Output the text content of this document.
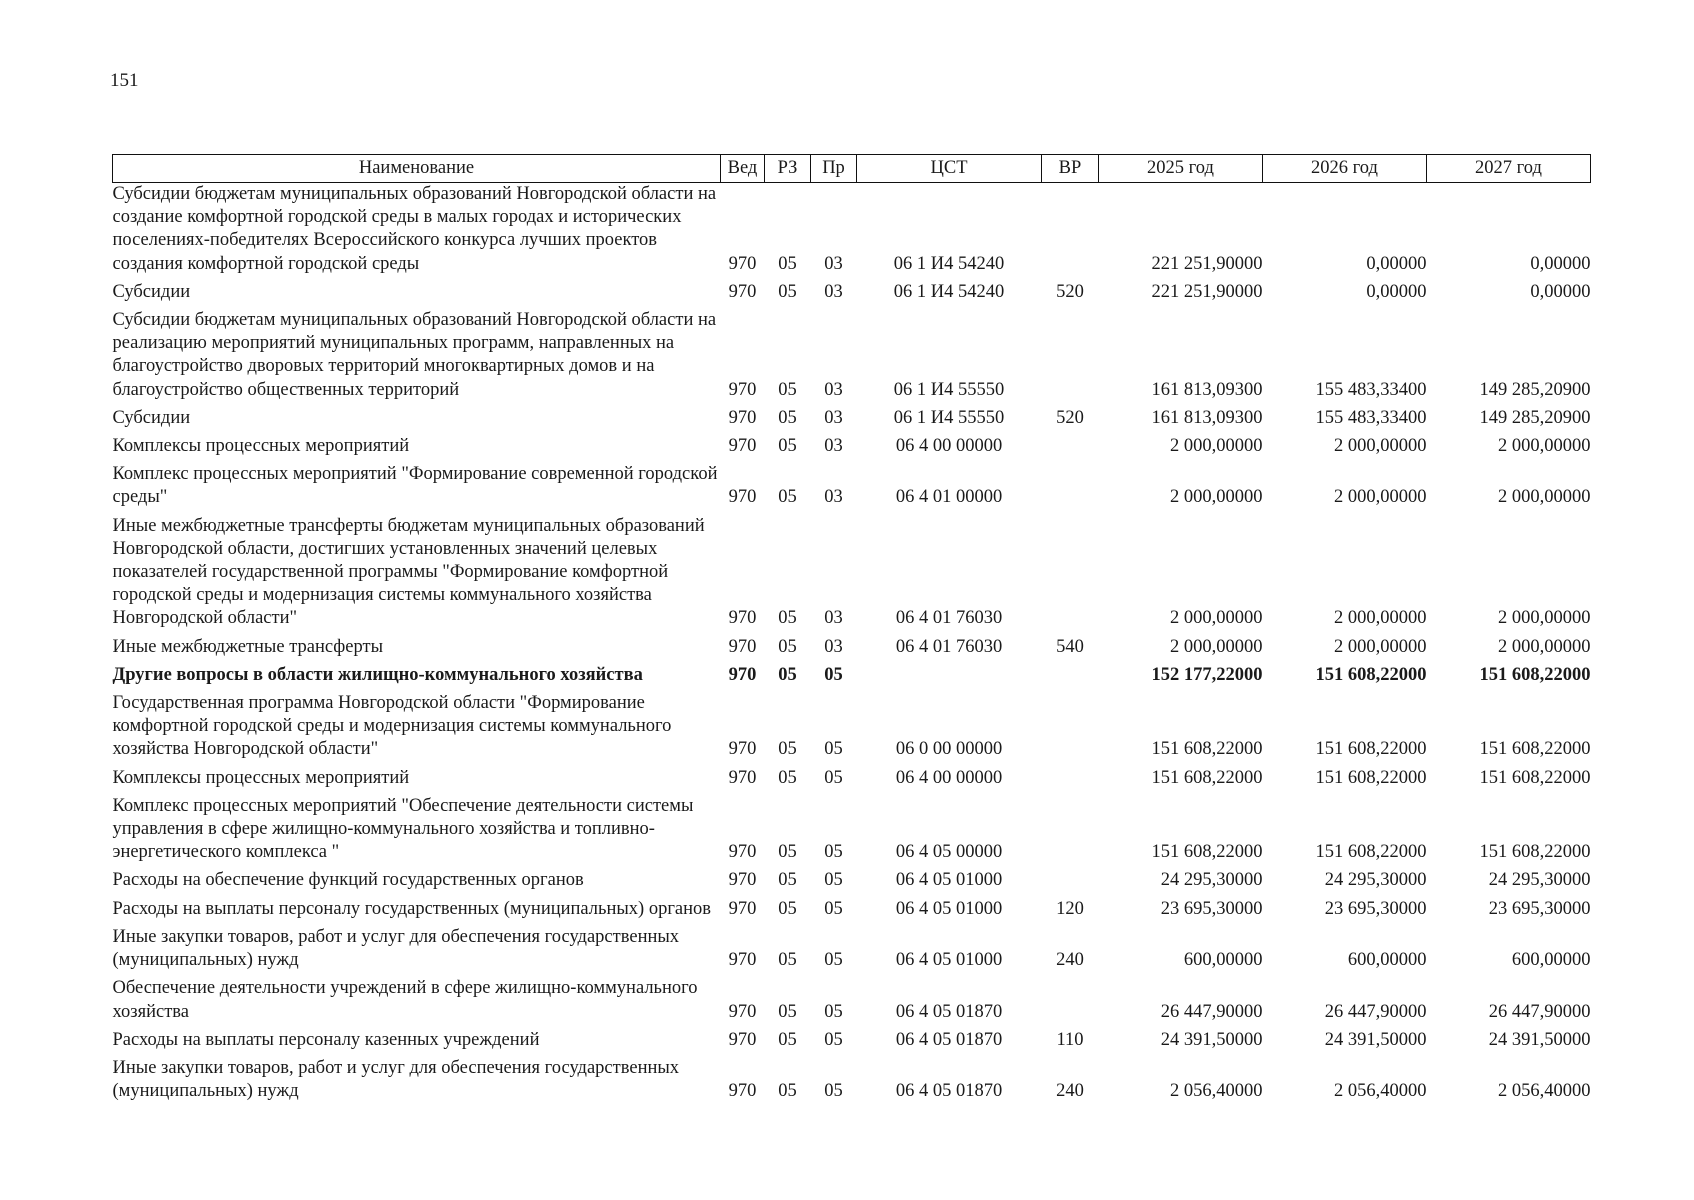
151
Наименование	Вед	РЗ	Пр	ЦСТ	ВР	2025 год	2026 год	2027 год
Субсидии бюджетам муниципальных образований Новгородской области на создание комфортной городской среды в малых городах и исторических поселениях-победителях Всероссийского конкурса лучших проектов создания комфортной городской среды	970	05	03	06 1 И4 54240		221 251,90000	0,00000	0,00000
Субсидии	970	05	03	06 1 И4 54240	520	221 251,90000	0,00000	0,00000
Субсидии бюджетам муниципальных образований Новгородской области на реализацию мероприятий муниципальных программ, направленных на благоустройство дворовых территорий многоквартирных домов и на благоустройство общественных территорий	970	05	03	06 1 И4 55550		161 813,09300	155 483,33400	149 285,20900
Субсидии	970	05	03	06 1 И4 55550	520	161 813,09300	155 483,33400	149 285,20900
Комплексы процессных мероприятий	970	05	03	06 4 00 00000		2 000,00000	2 000,00000	2 000,00000
Комплекс процессных мероприятий "Формирование современной городской среды"	970	05	03	06 4 01 00000		2 000,00000	2 000,00000	2 000,00000
Иные межбюджетные трансферты бюджетам муниципальных образований Новгородской области, достигших установленных значений целевых показателей государственной программы "Формирование комфортной городской среды и модернизация системы коммунального хозяйства Новгородской области"	970	05	03	06 4 01 76030		2 000,00000	2 000,00000	2 000,00000
Иные межбюджетные трансферты	970	05	03	06 4 01 76030	540	2 000,00000	2 000,00000	2 000,00000
Другие вопросы в области жилищно-коммунального хозяйства	970	05	05			152 177,22000	151 608,22000	151 608,22000
Государственная программа Новгородской области "Формирование комфортной городской среды и модернизация системы коммунального хозяйства Новгородской области"	970	05	05	06 0 00 00000		151 608,22000	151 608,22000	151 608,22000
Комплексы процессных мероприятий	970	05	05	06 4 00 00000		151 608,22000	151 608,22000	151 608,22000
Комплекс процессных мероприятий "Обеспечение деятельности системы управления в сфере жилищно-коммунального хозяйства и топливно-энергетического комплекса "	970	05	05	06 4 05 00000		151 608,22000	151 608,22000	151 608,22000
Расходы на обеспечение функций государственных органов	970	05	05	06 4 05 01000		24 295,30000	24 295,30000	24 295,30000
Расходы на выплаты персоналу государственных (муниципальных) органов	970	05	05	06 4 05 01000	120	23 695,30000	23 695,30000	23 695,30000
Иные закупки товаров, работ и услуг для обеспечения государственных (муниципальных) нужд	970	05	05	06 4 05 01000	240	600,00000	600,00000	600,00000
Обеспечение деятельности учреждений в сфере жилищно-коммунального хозяйства	970	05	05	06 4 05 01870		26 447,90000	26 447,90000	26 447,90000
Расходы на выплаты персоналу казенных учреждений	970	05	05	06 4 05 01870	110	24 391,50000	24 391,50000	24 391,50000
Иные закупки товаров, работ и услуг для обеспечения государственных (муниципальных) нужд	970	05	05	06 4 05 01870	240	2 056,40000	2 056,40000	2 056,40000
